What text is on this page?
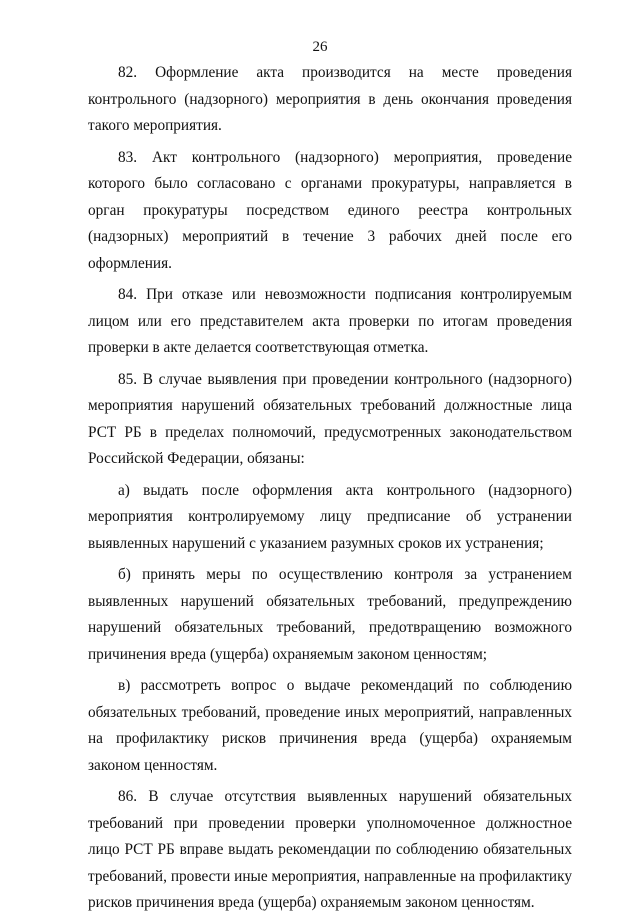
26

82. Оформление акта производится на месте проведения контрольного (надзорного) мероприятия в день окончания проведения такого мероприятия.

83. Акт контрольного (надзорного) мероприятия, проведение которого было согласовано с органами прокуратуры, направляется в орган прокуратуры посредством единого реестра контрольных (надзорных) мероприятий в течение 3 рабочих дней после его оформления.

84. При отказе или невозможности подписания контролируемым лицом или его представителем акта проверки по итогам проведения проверки в акте делается соответствующая отметка.

85. В случае выявления при проведении контрольного (надзорного) мероприятия нарушений обязательных требований должностные лица РСТ РБ в пределах полномочий, предусмотренных законодательством Российской Федерации, обязаны:

а) выдать после оформления акта контрольного (надзорного) мероприятия контролируемому лицу предписание об устранении выявленных нарушений с указанием разумных сроков их устранения;

б) принять меры по осуществлению контроля за устранением выявленных нарушений обязательных требований, предупреждению нарушений обязательных требований, предотвращению возможного причинения вреда (ущерба) охраняемым законом ценностям;

в) рассмотреть вопрос о выдаче рекомендаций по соблюдению обязательных требований, проведение иных мероприятий, направленных на профилактику рисков причинения вреда (ущерба) охраняемым законом ценностям.

86. В случае отсутствия выявленных нарушений обязательных требований при проведении проверки уполномоченное должностное лицо РСТ РБ вправе выдать рекомендации по соблюдению обязательных требований, провести иные мероприятия, направленные на профилактику рисков причинения вреда (ущерба) охраняемым законом ценностям.
